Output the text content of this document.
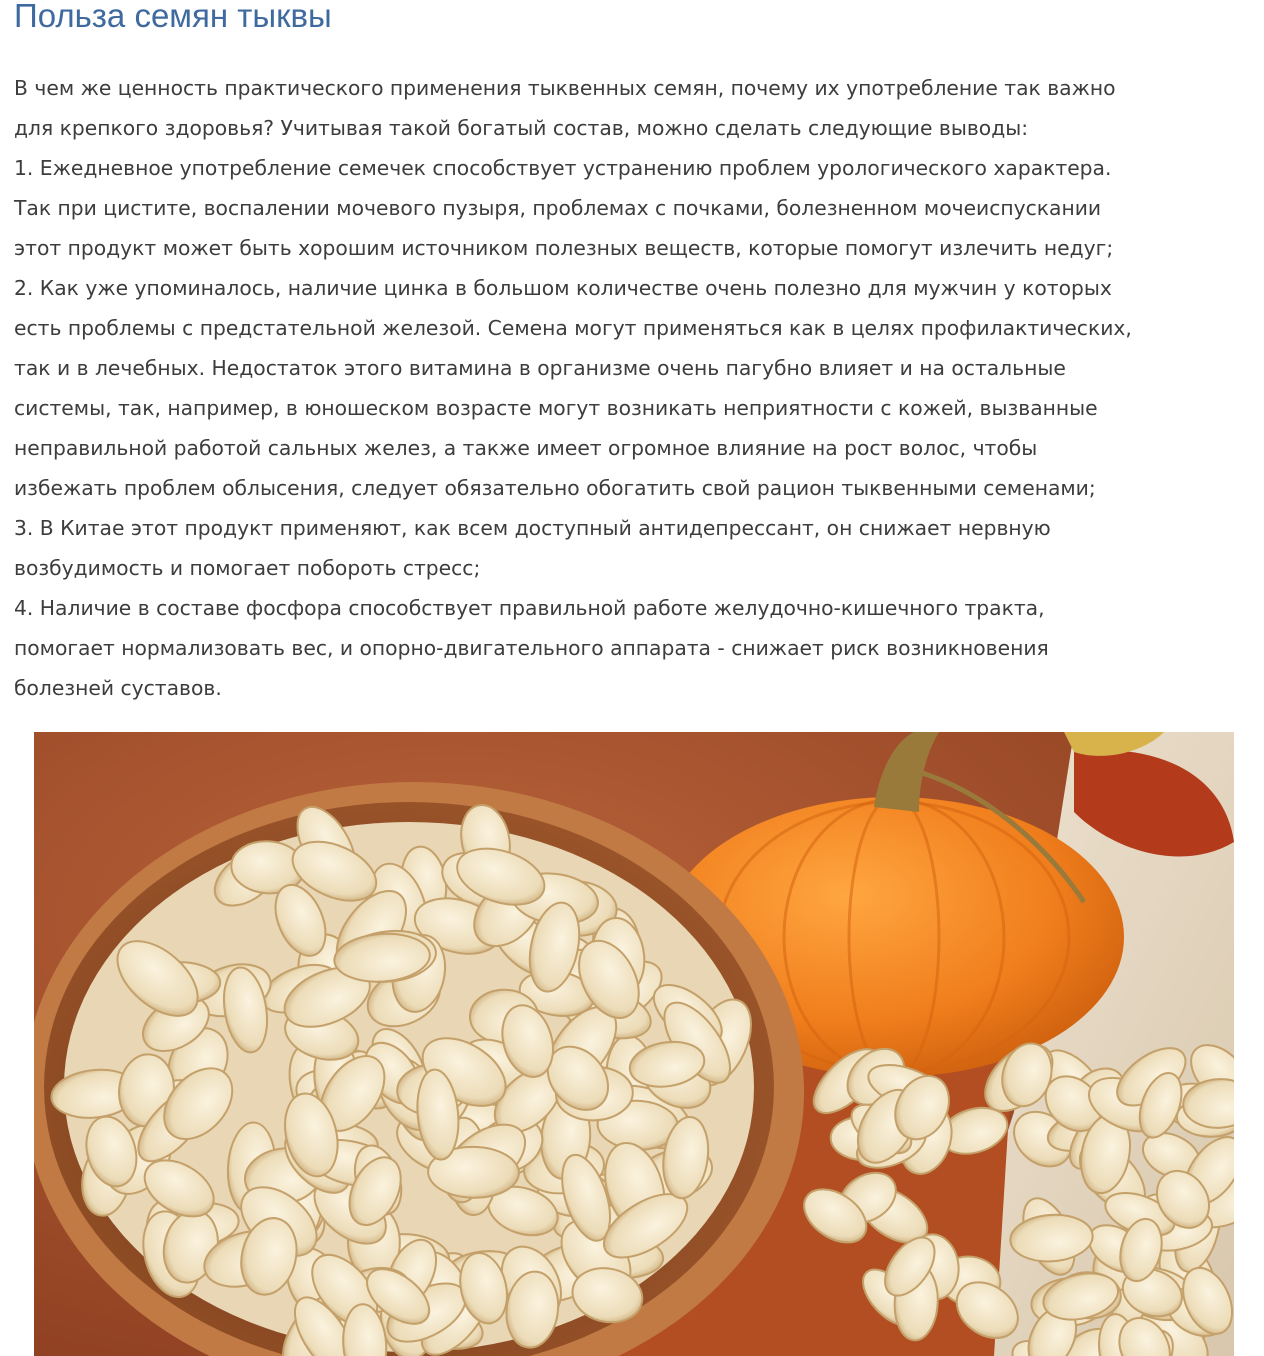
Польза семян тыквы
В чем же ценность практического применения тыквенных семян, почему их употребление так важно
для крепкого здоровья? Учитывая такой богатый состав, можно сделать следующие выводы:
1. Ежедневное употребление семечек способствует устранению проблем урологического характера.
Так при цистите, воспалении мочевого пузыря, проблемах с почками, болезненном мочеиспускании
этот продукт может быть хорошим источником полезных веществ, которые помогут излечить недуг;
2. Как уже упоминалось, наличие цинка в большом количестве очень полезно для мужчин у которых
есть проблемы с предстательной железой. Семена могут применяться как в целях профилактических,
так и в лечебных. Недостаток этого витамина в организме очень пагубно влияет и на остальные
системы, так, например, в юношеском возрасте могут возникать неприятности с кожей, вызванные
неправильной работой сальных желез, а также имеет огромное влияние на рост волос, чтобы
избежать проблем облысения, следует обязательно обогатить свой рацион тыквенными семенами;
3. В Китае этот продукт применяют, как всем доступный антидепрессант, он снижает нервную
возбудимость и помогает побороть стресс;
4. Наличие в составе фосфора способствует правильной работе желудочно-кишечного тракта,
помогает нормализовать вес, и опорно-двигательного аппарата - снижает риск возникновения
болезней суставов.
